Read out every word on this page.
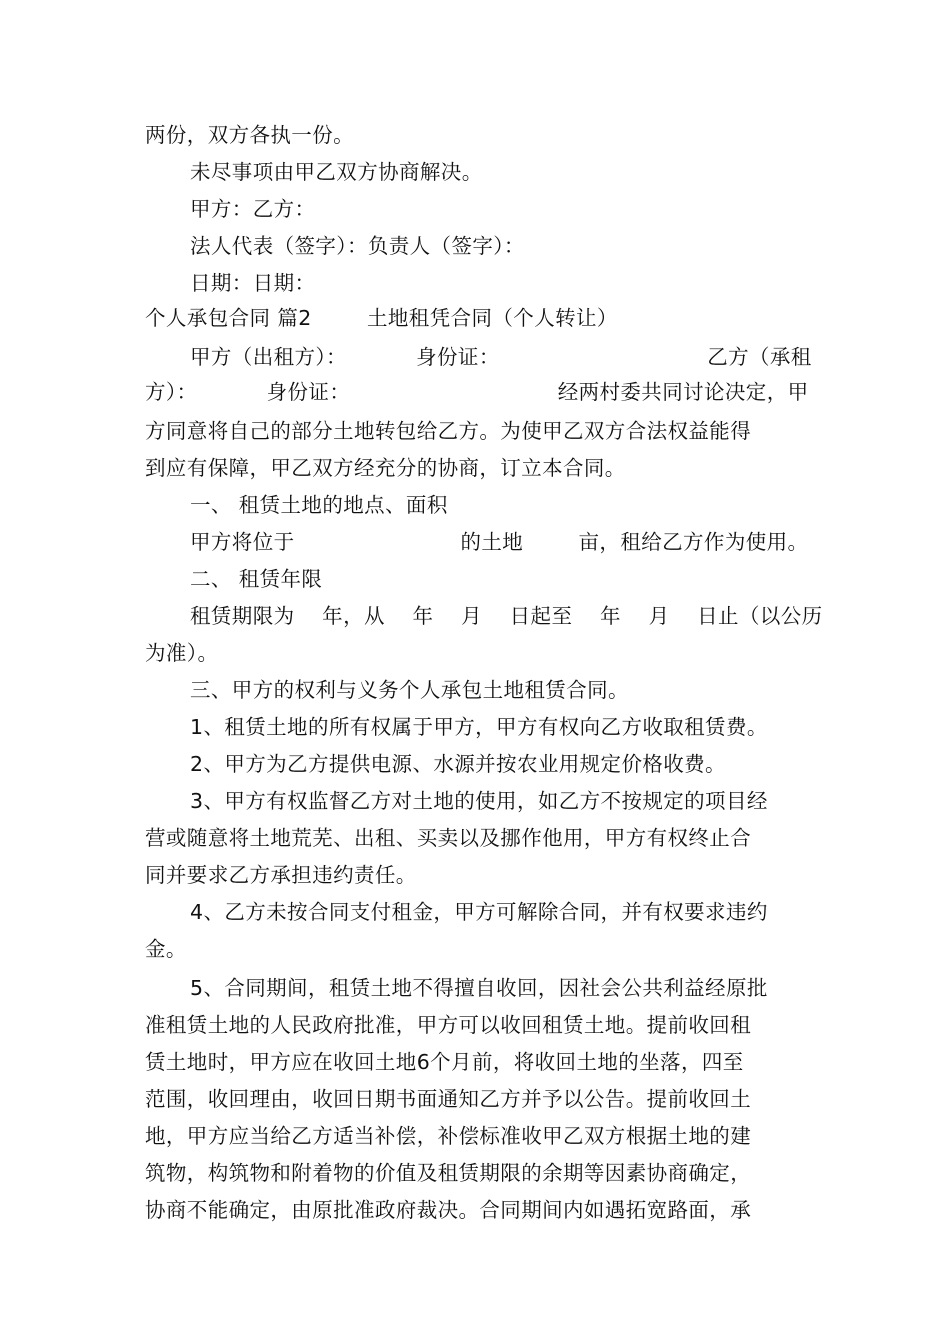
两份，双方各执一份。

未尽事项由甲乙双方协商解决。

甲方：乙方：

法人代表（签字）：负责人（签字）：

日期：日期：

个人承包合同 篇2        土地租凭合同（个人转让）

甲方（出租方）：          身份证：                              乙方（承租

方）：          身份证：                              经两村委共同讨论决定，甲

方同意将自己的部分土地转包给乙方。为使甲乙双方合法权益能得

到应有保障，甲乙双方经充分的协商，订立本合同。

一、 租赁土地的地点、面积

甲方将位于                        的土地        亩，租给乙方作为使用。

二、 租赁年限

租赁期限为    年，从    年    月    日起至    年    月    日止（以公历

为准）。

三、甲方的权利与义务个人承包土地租赁合同。

1、租赁土地的所有权属于甲方，甲方有权向乙方收取租赁费。

2、甲方为乙方提供电源、水源并按农业用规定价格收费。

3、甲方有权监督乙方对土地的使用，如乙方不按规定的项目经

营或随意将土地荒芜、出租、买卖以及挪作他用，甲方有权终止合

同并要求乙方承担违约责任。

4、乙方未按合同支付租金，甲方可解除合同，并有权要求违约

金。

5、合同期间，租赁土地不得擅自收回，因社会公共利益经原批

准租赁土地的人民政府批准，甲方可以收回租赁土地。提前收回租

赁土地时，甲方应在收回土地6个月前，将收回土地的坐落，四至

范围，收回理由，收回日期书面通知乙方并予以公告。提前收回土

地，甲方应当给乙方适当补偿，补偿标准收甲乙双方根据土地的建

筑物，构筑物和附着物的价值及租赁期限的余期等因素协商确定，

协商不能确定，由原批准政府裁决。合同期间内如遇拓宽路面，承
